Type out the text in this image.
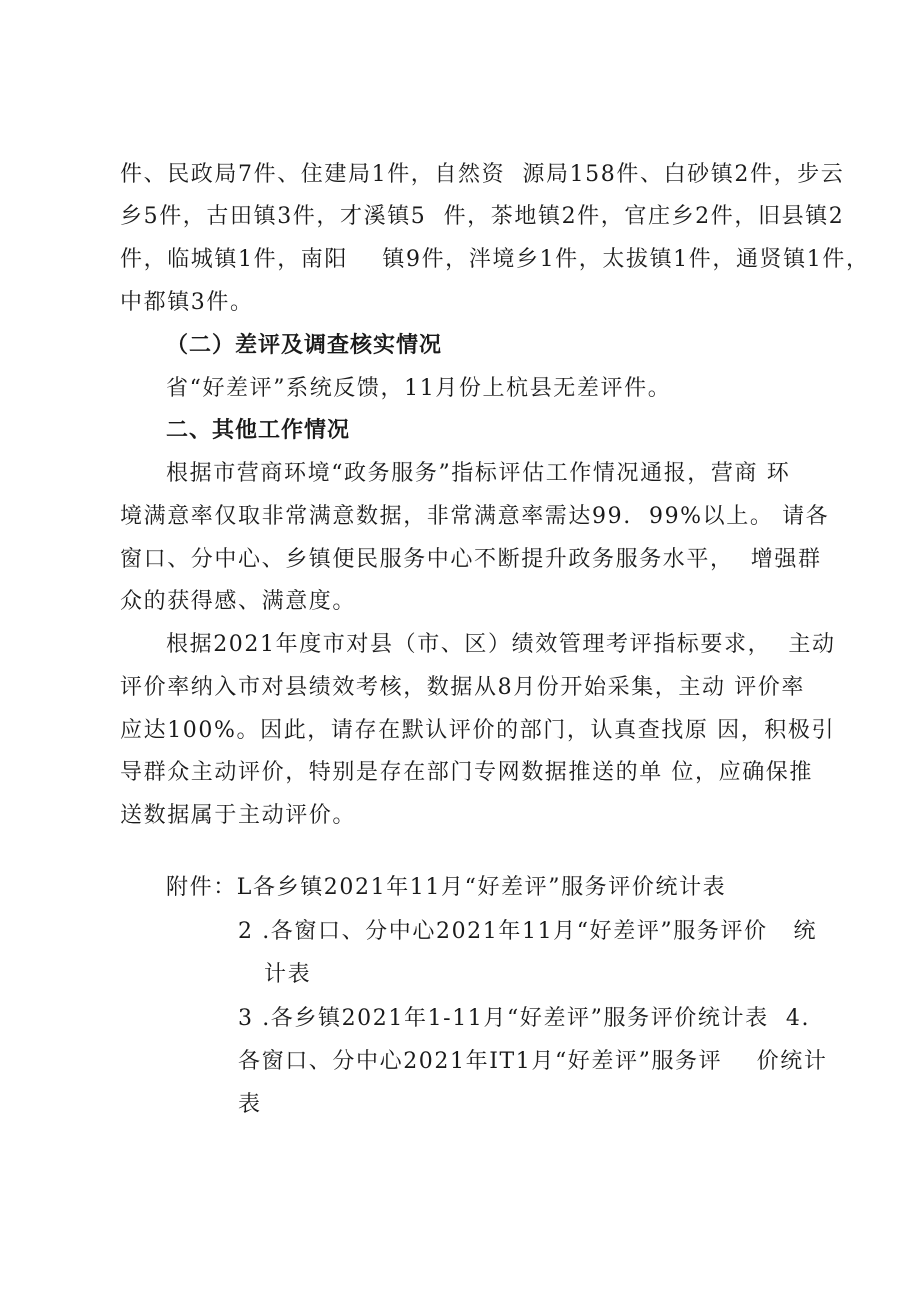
件、民政局7件、住建局1件，自然资  源局158件、白砂镇2件，步云
乡5件，古田镇3件，才溪镇5  件，茶地镇2件，官庄乡2件，旧县镇2
件，临城镇1件，南阳    镇9件，泮境乡1件，太拔镇1件，通贤镇1件，
中都镇3件。
（二）差评及调查核实情况
省“好差评”系统反馈，11月份上杭县无差评件。
二、其他工作情况
根据市营商环境“政务服务”指标评估工作情况通报，营商 环
境满意率仅取非常满意数据，非常满意率需达99.  99%以上。 请各
窗口、分中心、乡镇便民服务中心不断提升政务服务水平，  增强群
众的获得感、满意度。
根据2021年度市对县（市、区）绩效管理考评指标要求，  主动
评价率纳入市对县绩效考核，数据从8月份开始采集，主动 评价率
应达100%。因此，请存在默认评价的部门，认真查找原 因，积极引
导群众主动评价，特别是存在部门专网数据推送的单 位，应确保推
送数据属于主动评价。
附件：L各乡镇2021年11月“好差评”服务评价统计表
2 .各窗口、分中心2021年11月“好差评”服务评价   统
计表
3 .各乡镇2021年1-11月“好差评”服务评价统计表  4.
各窗口、分中心2021年IT1月“好差评”服务评    价统计
表
